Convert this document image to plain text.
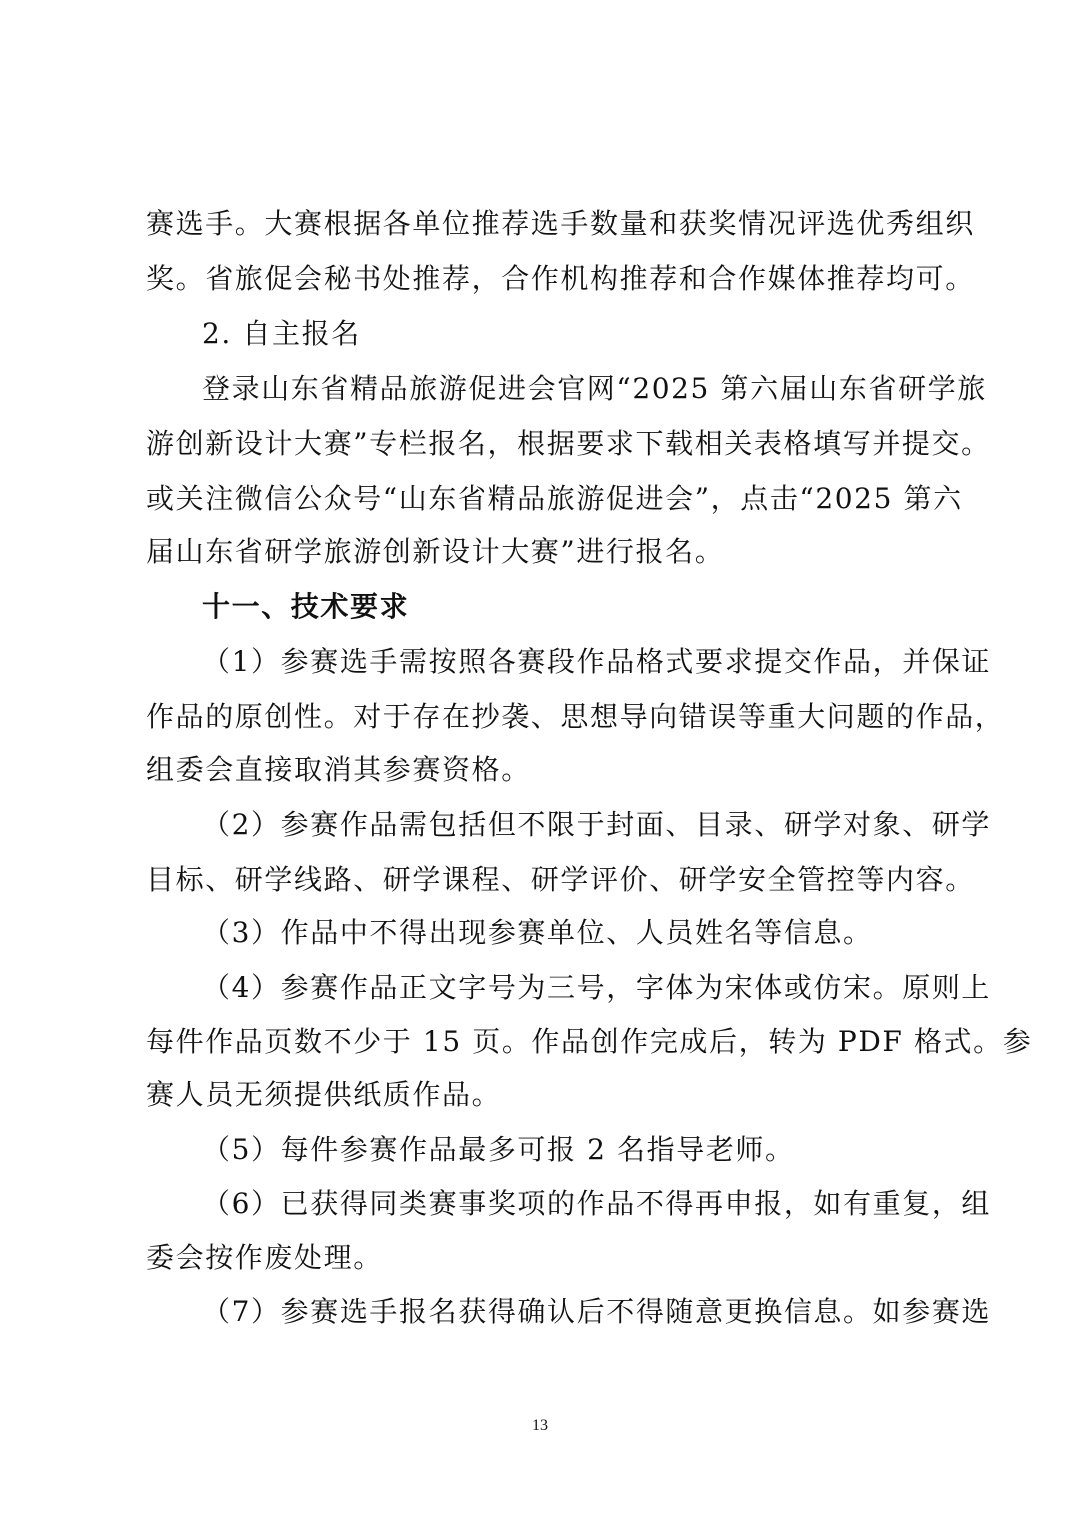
赛选手。大赛根据各单位推荐选手数量和获奖情况评选优秀组织
奖。省旅促会秘书处推荐，合作机构推荐和合作媒体推荐均可。
2. 自主报名
登录山东省精品旅游促进会官网“2025 第六届山东省研学旅
游创新设计大赛”专栏报名，根据要求下载相关表格填写并提交。
或关注微信公众号“山东省精品旅游促进会”，点击“2025 第六
届山东省研学旅游创新设计大赛”进行报名。
十一、技术要求
（1）参赛选手需按照各赛段作品格式要求提交作品，并保证
作品的原创性。对于存在抄袭、思想导向错误等重大问题的作品，
组委会直接取消其参赛资格。
（2）参赛作品需包括但不限于封面、目录、研学对象、研学
目标、研学线路、研学课程、研学评价、研学安全管控等内容。
（3）作品中不得出现参赛单位、人员姓名等信息。
（4）参赛作品正文字号为三号，字体为宋体或仿宋。原则上
每件作品页数不少于 15 页。作品创作完成后，转为 PDF 格式。参
赛人员无须提供纸质作品。
（5）每件参赛作品最多可报 2 名指导老师。
（6）已获得同类赛事奖项的作品不得再申报，如有重复，组
委会按作废处理。
（7）参赛选手报名获得确认后不得随意更换信息。如参赛选
13
